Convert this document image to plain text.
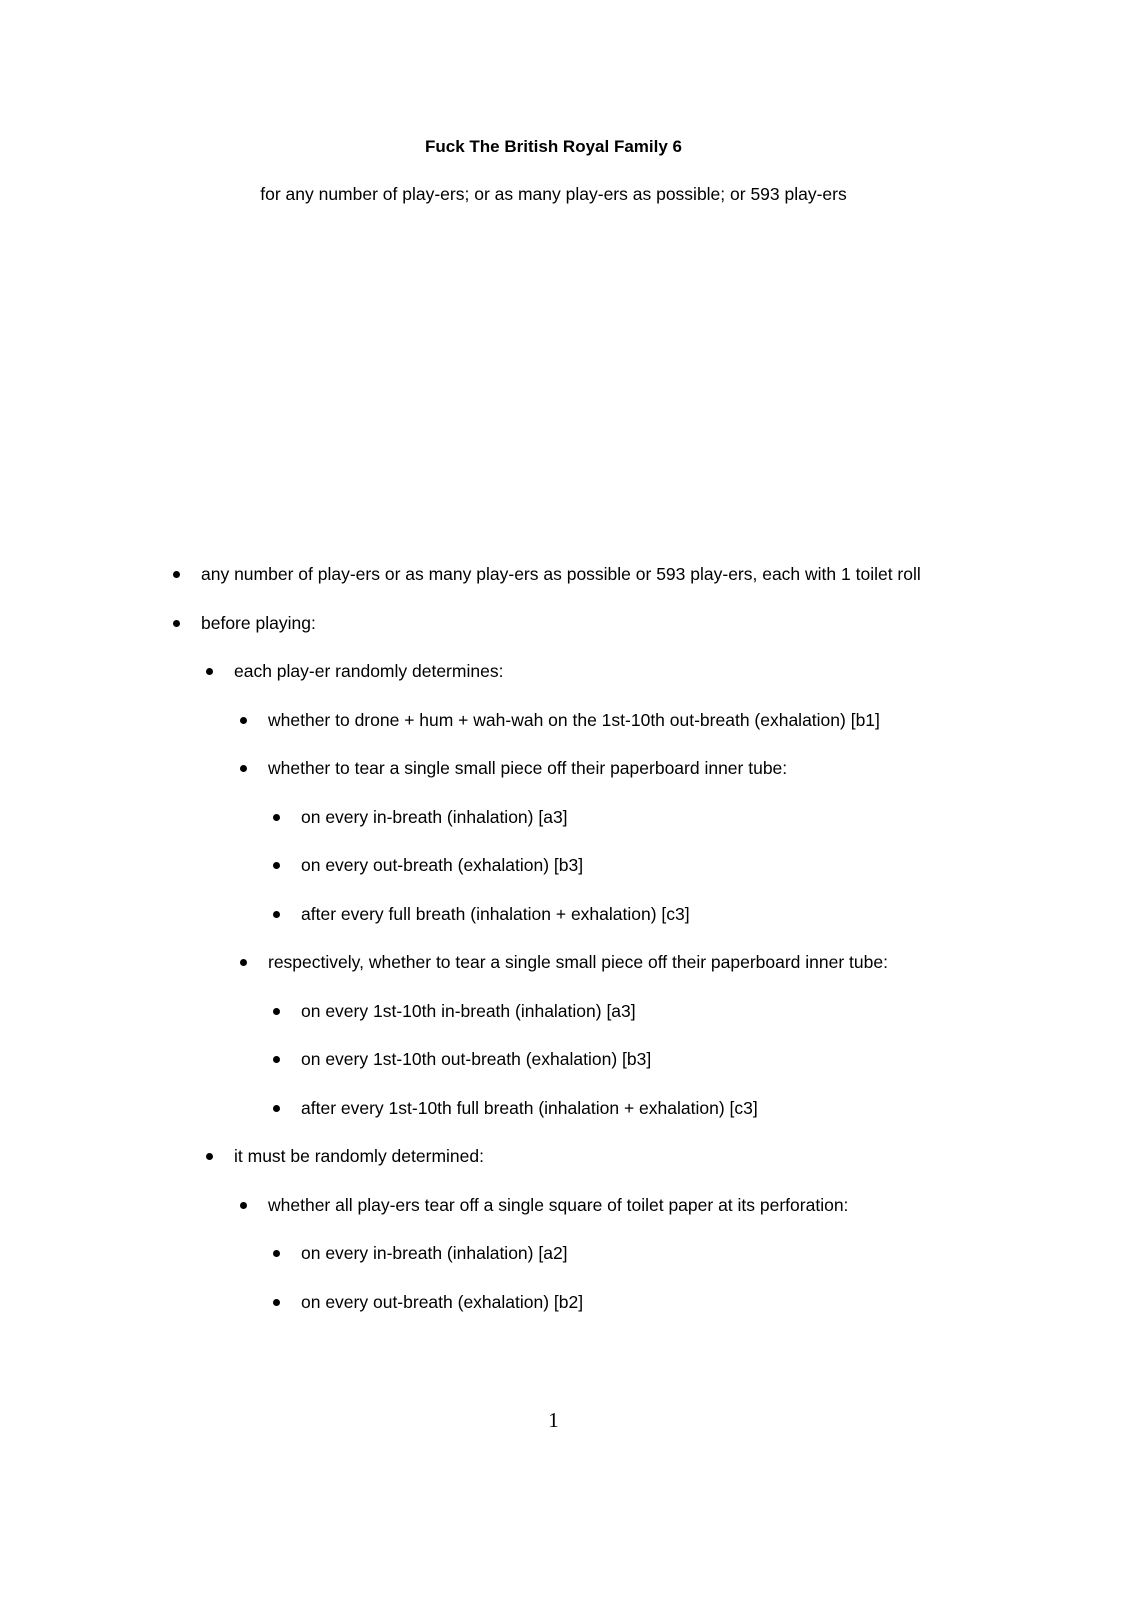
Fuck The British Royal Family 6
for any number of play-ers; or as many play-ers as possible; or 593 play-ers
any number of play-ers or as many play-ers as possible or 593 play-ers, each with 1 toilet roll
before playing:
each play-er randomly determines:
whether to drone + hum + wah-wah on the 1st-10th out-breath (exhalation) [b1]
whether to tear a single small piece off their paperboard inner tube:
on every in-breath (inhalation) [a3]
on every out-breath (exhalation) [b3]
after every full breath (inhalation + exhalation) [c3]
respectively, whether to tear a single small piece off their paperboard inner tube:
on every 1st-10th in-breath (inhalation) [a3]
on every 1st-10th out-breath (exhalation) [b3]
after every 1st-10th full breath (inhalation + exhalation) [c3]
it must be randomly determined:
whether all play-ers tear off a single square of toilet paper at its perforation:
on every in-breath (inhalation) [a2]
on every out-breath (exhalation) [b2]
1
